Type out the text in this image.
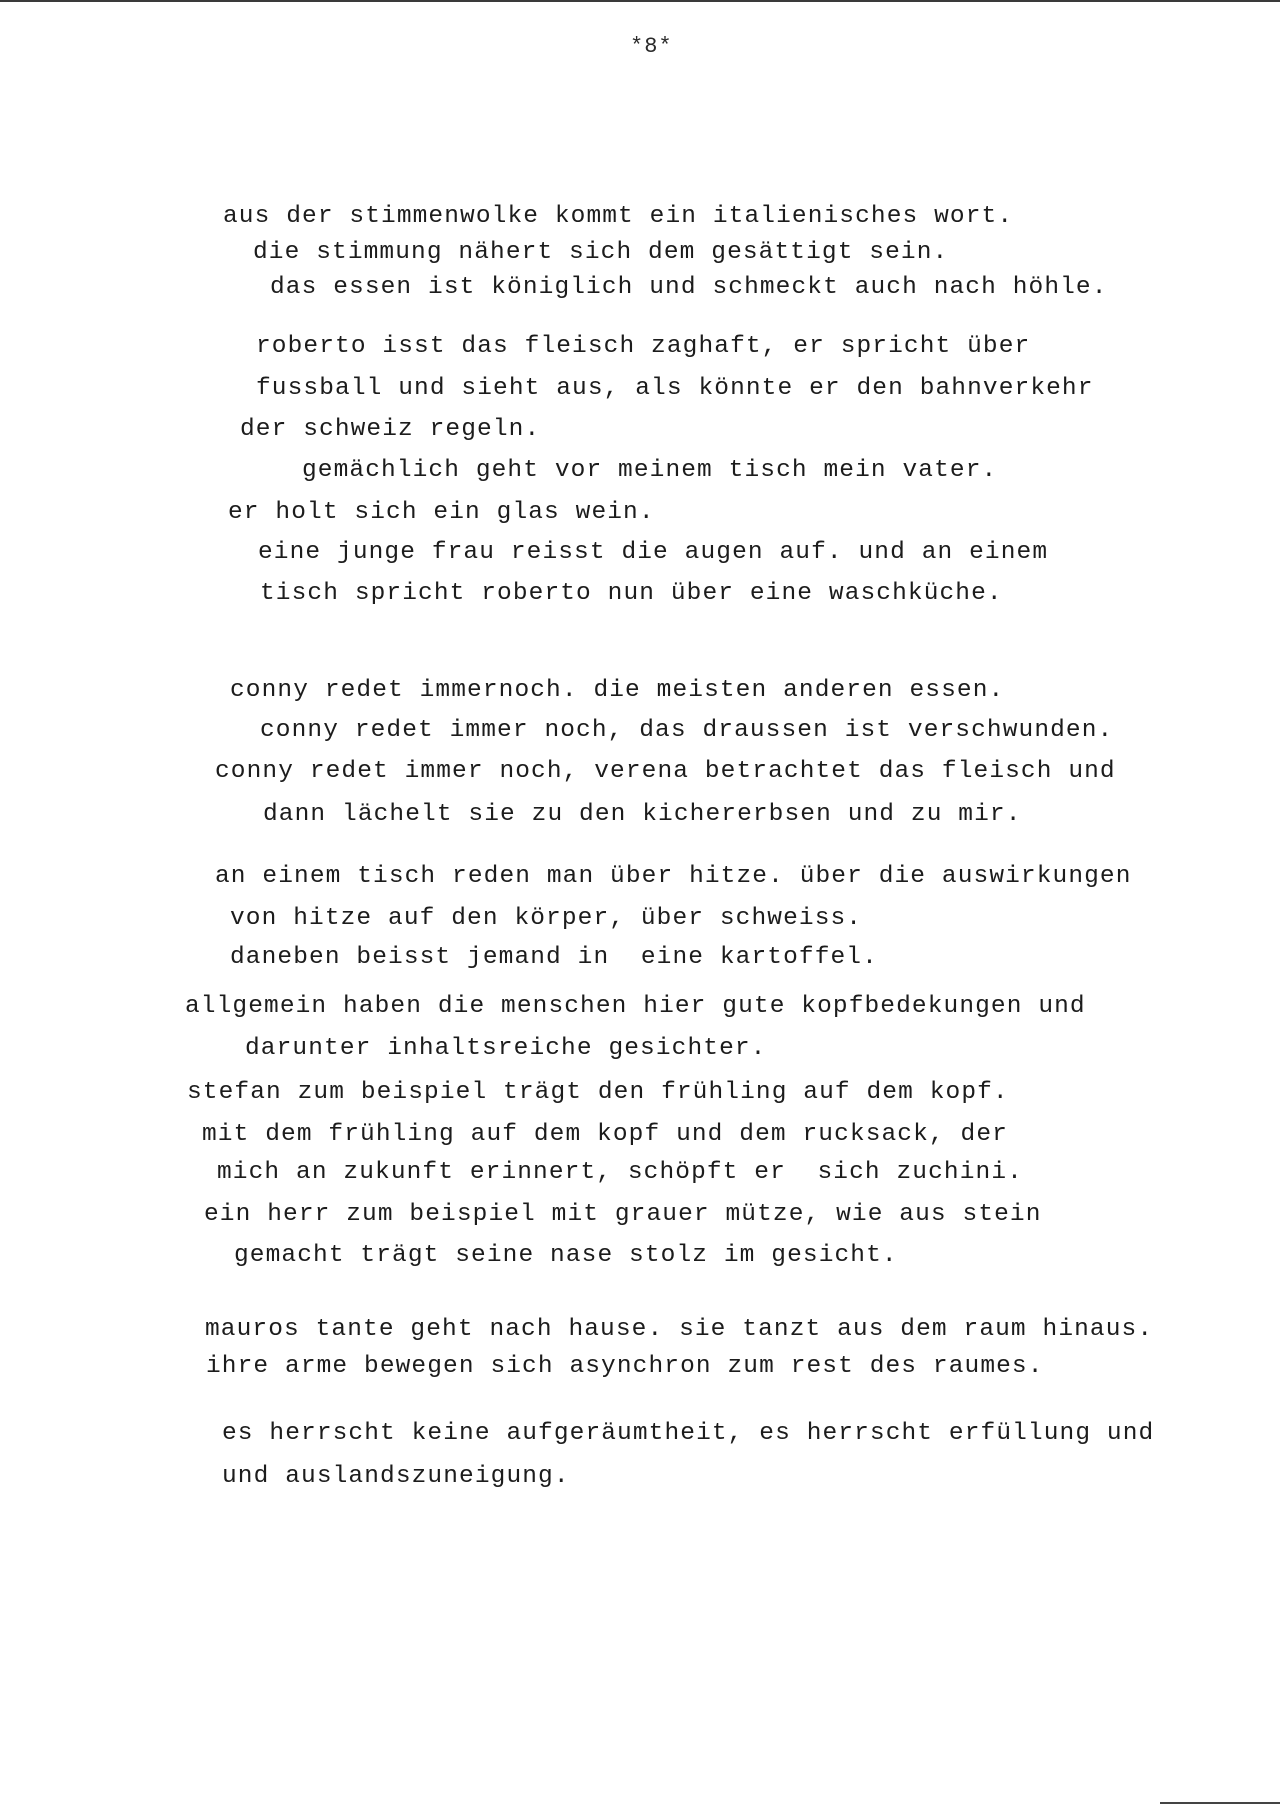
*8*
aus der stimmenwolke kommt ein italienisches wort.
die stimmung nähert sich dem gesättigt sein.
das essen ist königlich und schmeckt auch nach höhle.
roberto isst das fleisch zaghaft, er spricht über
fussball und sieht aus, als könnte er den bahnverkehr
der schweiz regeln.
gemächlich geht vor meinem tisch mein vater.
er holt sich ein glas wein.
eine junge frau reisst die augen auf. und an einem
tisch spricht roberto nun über eine waschküche.
conny redet immernoch. die meisten anderen essen.
conny redet immer noch, das draussen ist verschwunden.
conny redet immer noch, verena betrachtet das fleisch und
dann lächelt sie zu den kichererbsen und zu mir.
an einem tisch reden man über hitze. über die auswirkungen
von hitze auf den körper, über schweiss.
daneben beisst jemand in  eine kartoffel.
allgemein haben die menschen hier gute kopfbedekungen und
darunter inhaltsreiche gesichter.
stefan zum beispiel trägt den frühling auf dem kopf.
mit dem frühling auf dem kopf und dem rucksack, der
mich an zukunft erinnert, schöpft er  sich zuchini.
ein herr zum beispiel mit grauer mütze, wie aus stein
gemacht trägt seine nase stolz im gesicht.
mauros tante geht nach hause. sie tanzt aus dem raum hinaus.
ihre arme bewegen sich asynchron zum rest des raumes.
es herrscht keine aufgeräumtheit, es herrscht erfüllung und
und auslandszuneigung.
